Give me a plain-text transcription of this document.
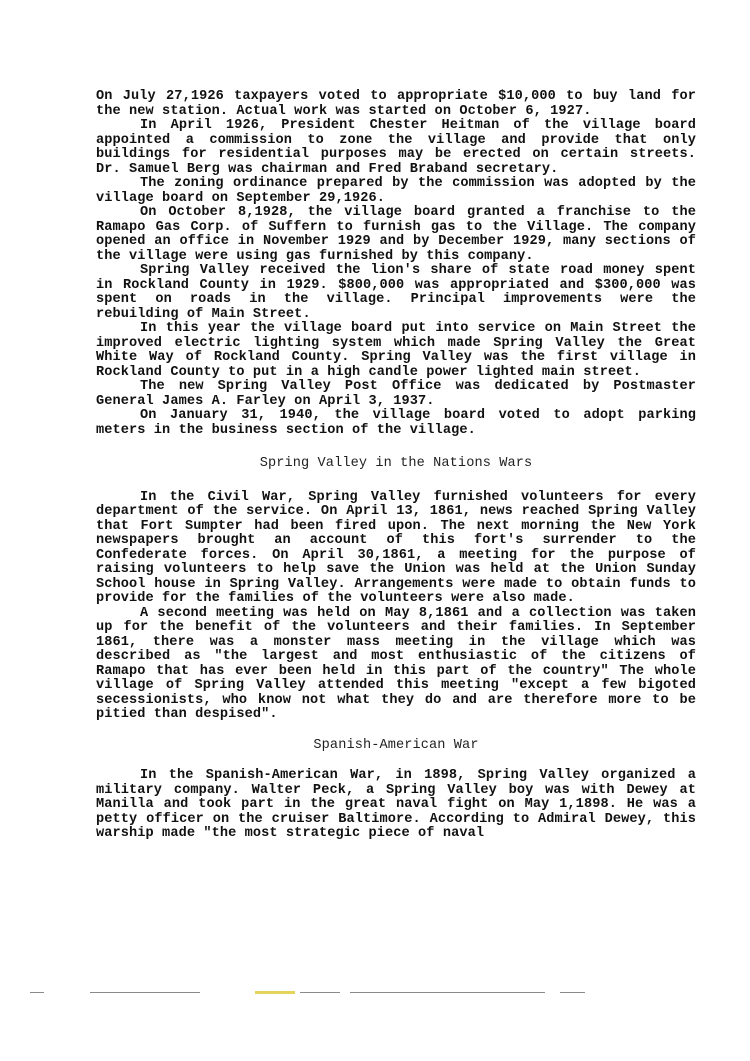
On July 27,1926 taxpayers voted to appropriate $10,000 to buy land for the new station. Actual work was started on October 6, 1927.

In April 1926, President Chester Heitman of the village board appointed a commission to zone the village and provide that only buildings for residential purposes may be erected on certain streets. Dr. Samuel Berg was chairman and Fred Braband secretary.

The zoning ordinance prepared by the commission was adopted by the village board on September 29,1926.

On October 8,1928, the village board granted a franchise to the Ramapo Gas Corp. of Suffern to furnish gas to the Village. The company opened an office in November 1929 and by December 1929, many sections of the village were using gas furnished by this company.

Spring Valley received the lion's share of state road money spent in Rockland County in 1929. $800,000 was appropriated and $300,000 was spent on roads in the village. Principal improvements were the rebuilding of Main Street.

In this year the village board put into service on Main Street the improved electric lighting system which made Spring Valley the Great White Way of Rockland County. Spring Valley was the first village in Rockland County to put in a high candle power lighted main street.

The new Spring Valley Post Office was dedicated by Postmaster General James A. Farley on April 3, 1937.

On January 31, 1940, the village board voted to adopt parking meters in the business section of the village.

Spring Valley in the Nations Wars

In the Civil War, Spring Valley furnished volunteers for every department of the service. On April 13, 1861, news reached Spring Valley that Fort Sumpter had been fired upon. The next morning the New York newspapers brought an account of this fort's surrender to the Confederate forces. On April 30,1861, a meeting for the purpose of raising volunteers to help save the Union was held at the Union Sunday School house in Spring Valley. Arrangements were made to obtain funds to provide for the families of the volunteers were also made.

A second meeting was held on May 8,1861 and a collection was taken up for the benefit of the volunteers and their families. In September 1861, there was a monster mass meeting in the village which was described as "the largest and most enthusiastic of the citizens of Ramapo that has ever been held in this part of the country" The whole village of Spring Valley attended this meeting "except a few bigoted secessionists, who know not what they do and are therefore more to be pitied than despised".

Spanish-American War

In the Spanish-American War, in 1898, Spring Valley organized a military company. Walter Peck, a Spring Valley boy was with Dewey at Manilla and took part in the great naval fight on May 1,1898. He was a petty officer on the cruiser Baltimore. According to Admiral Dewey, this warship made "the most strategic piece of naval
